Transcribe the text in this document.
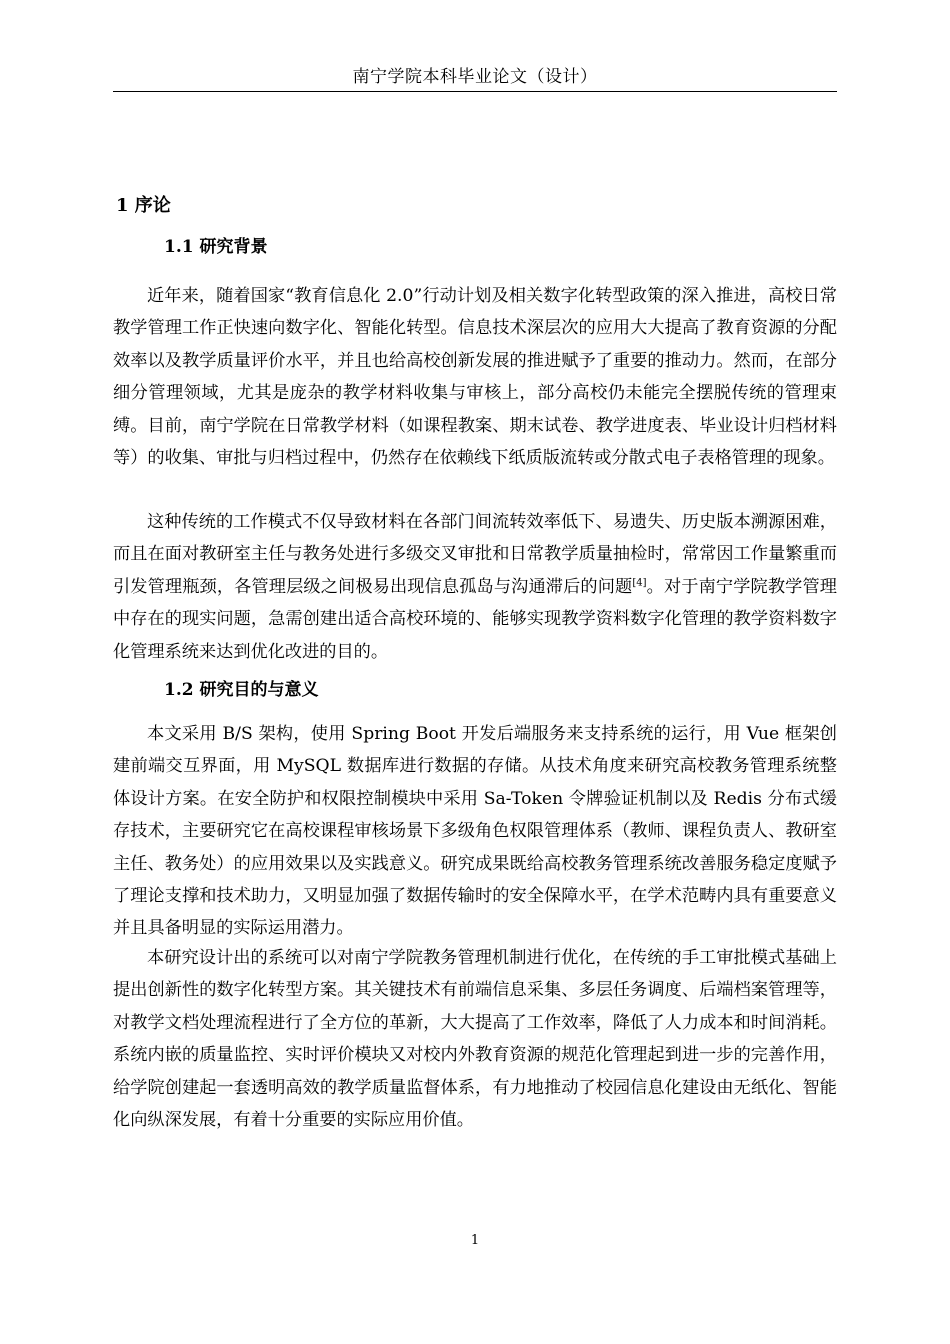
南宁学院本科毕业论文（设计）
1 序论
1.1 研究背景

近年来，随着国家“教育信息化 2.0”行动计划及相关数字化转型政策的深入推进，高校日常教学管理工作正快速向数字化、智能化转型。信息技术深层次的应用大大提高了教育资源的分配效率以及教学质量评价水平，并且也给高校创新发展的推进赋予了重要的推动力。然而，在部分细分管理领域，尤其是庞杂的教学材料收集与审核上，部分高校仍未能完全摆脱传统的管理束缚。目前，南宁学院在日常教学材料（如课程教案、期末试卷、教学进度表、毕业设计归档材料等）的收集、审批与归档过程中，仍然存在依赖线下纸质版流转或分散式电子表格管理的现象。

这种传统的工作模式不仅导致材料在各部门间流转效率低下、易遗失、历史版本溯源困难，而且在面对教研室主任与教务处进行多级交叉审批和日常教学质量抽检时，常常因工作量繁重而引发管理瓶颈，各管理层级之间极易出现信息孤岛与沟通滞后的问题[4]。对于南宁学院教学管理中存在的现实问题，急需创建出适合高校环境的、能够实现教学资料数字化管理的教学资料数字化管理系统来达到优化改进的目的。

1.2 研究目的与意义

本文采用 B/S 架构，使用 Spring Boot 开发后端服务来支持系统的运行，用 Vue 框架创建前端交互界面，用 MySQL 数据库进行数据的存储。从技术角度来研究高校教务管理系统整体设计方案。在安全防护和权限控制模块中采用 Sa-Token 令牌验证机制以及 Redis 分布式缓存技术，主要研究它在高校课程审核场景下多级角色权限管理体系（教师、课程负责人、教研室主任、教务处）的应用效果以及实践意义。研究成果既给高校教务管理系统改善服务稳定度赋予了理论支撑和技术助力，又明显加强了数据传输时的安全保障水平，在学术范畴内具有重要意义并且具备明显的实际运用潜力。

本研究设计出的系统可以对南宁学院教务管理机制进行优化，在传统的手工审批模式基础上提出创新性的数字化转型方案。其关键技术有前端信息采集、多层任务调度、后端档案管理等，对教学文档处理流程进行了全方位的革新，大大提高了工作效率，降低了人力成本和时间消耗。系统内嵌的质量监控、实时评价模块又对校内外教育资源的规范化管理起到进一步的完善作用，给学院创建起一套透明高效的教学质量监督体系，有力地推动了校园信息化建设由无纸化、智能化向纵深发展，有着十分重要的实际应用价值。

1
